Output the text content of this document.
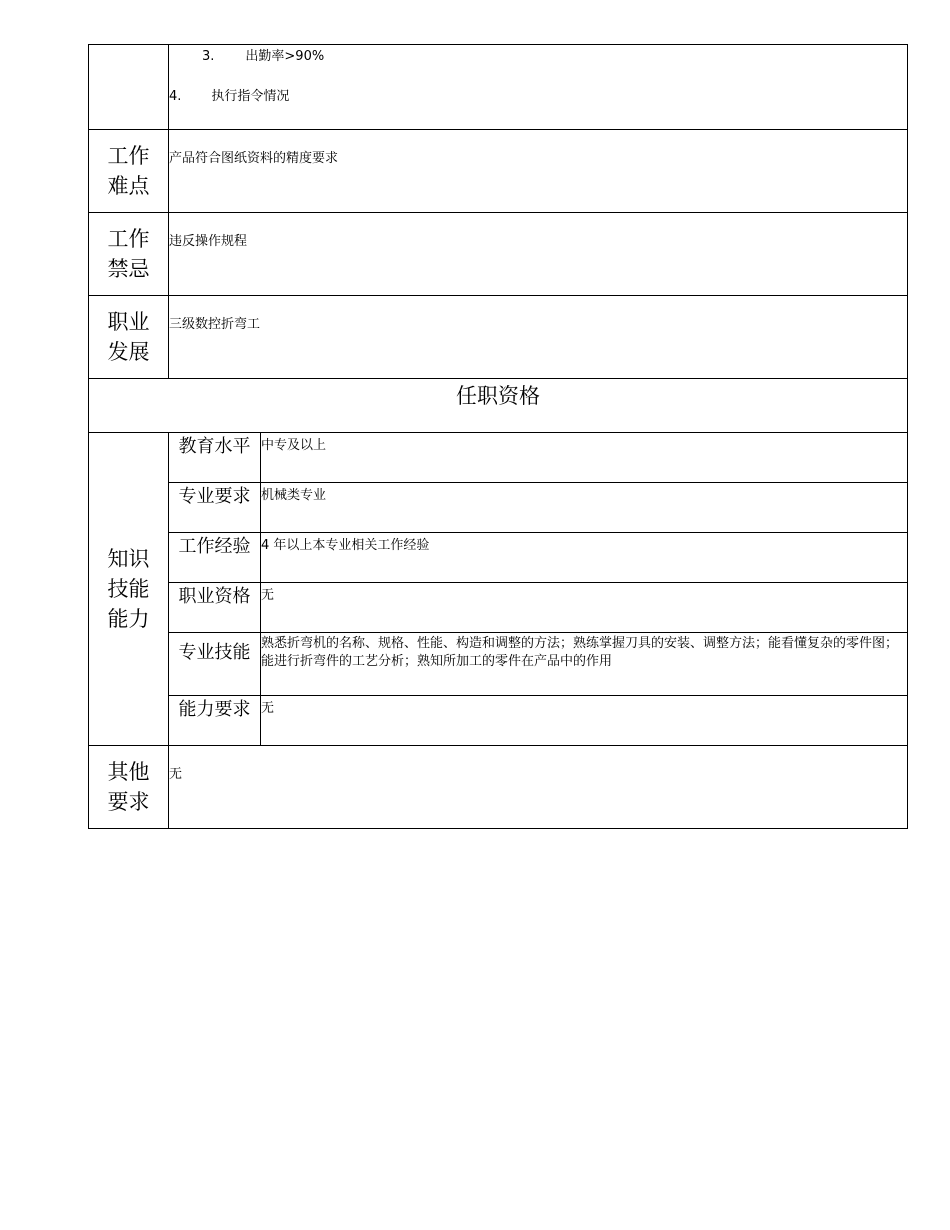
	3. 出勤率>90%
4. 执行指令情况	

工作
难点	产品符合图纸资料的精度要求	

工作
禁忌	违反操作规程	

职业
发展	三级数控折弯工	
任职资格		

知识
技能
能力	教育水平	中专及以上
	专业要求	机械类专业
	工作经验	4 年以上本专业相关工作经验
	职业资格	无
	专业技能	熟悉折弯机的名称、规格、性能、构造和调整的方法；熟练掌握刀具的安装、调整方法；能看懂复杂的零件图；能进行折弯件的工艺分析；熟知所加工的零件在产品中的作用
	能力要求	无

其他
要求	无	
